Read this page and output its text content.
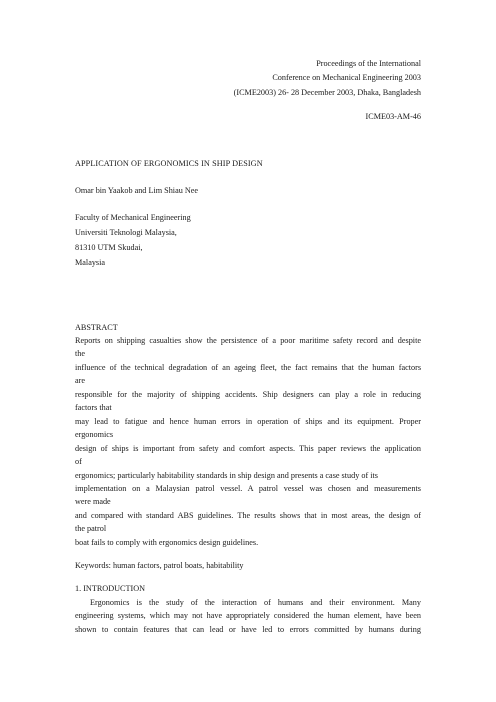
Proceedings of the International
Conference on Mechanical Engineering 2003
(ICME2003) 26- 28 December 2003, Dhaka, Bangladesh
ICME03-AM-46
APPLICATION OF ERGONOMICS IN SHIP DESIGN
Omar bin Yaakob and Lim Shiau Nee
Faculty of Mechanical Engineering
Universiti Teknologi Malaysia,
81310 UTM Skudai,
Malaysia
ABSTRACT
Reports on shipping casualties show the persistence of a poor maritime safety record and despite
the
influence of the technical degradation of an ageing fleet, the fact remains that the human factors
are
responsible for the majority of shipping accidents. Ship designers can play a role in reducing
factors that
may lead to fatigue and hence human errors in operation of ships and its equipment. Proper
ergonomics
design of ships is important from safety and comfort aspects. This paper reviews the application
of
ergonomics; particularly habitability standards in ship design and presents a case study of its
implementation on a Malaysian patrol vessel. A patrol vessel was chosen and measurements
were made
and compared with standard ABS guidelines. The results shows that in most areas, the design of
the patrol
boat fails to comply with ergonomics design guidelines.
Keywords: human factors, patrol boats, habitability
1. INTRODUCTION
Ergonomics is the study of the interaction of humans and their environment. Many
engineering systems, which may not have appropriately considered the human element, have been
shown to contain features that can lead or have led to errors committed by humans during
